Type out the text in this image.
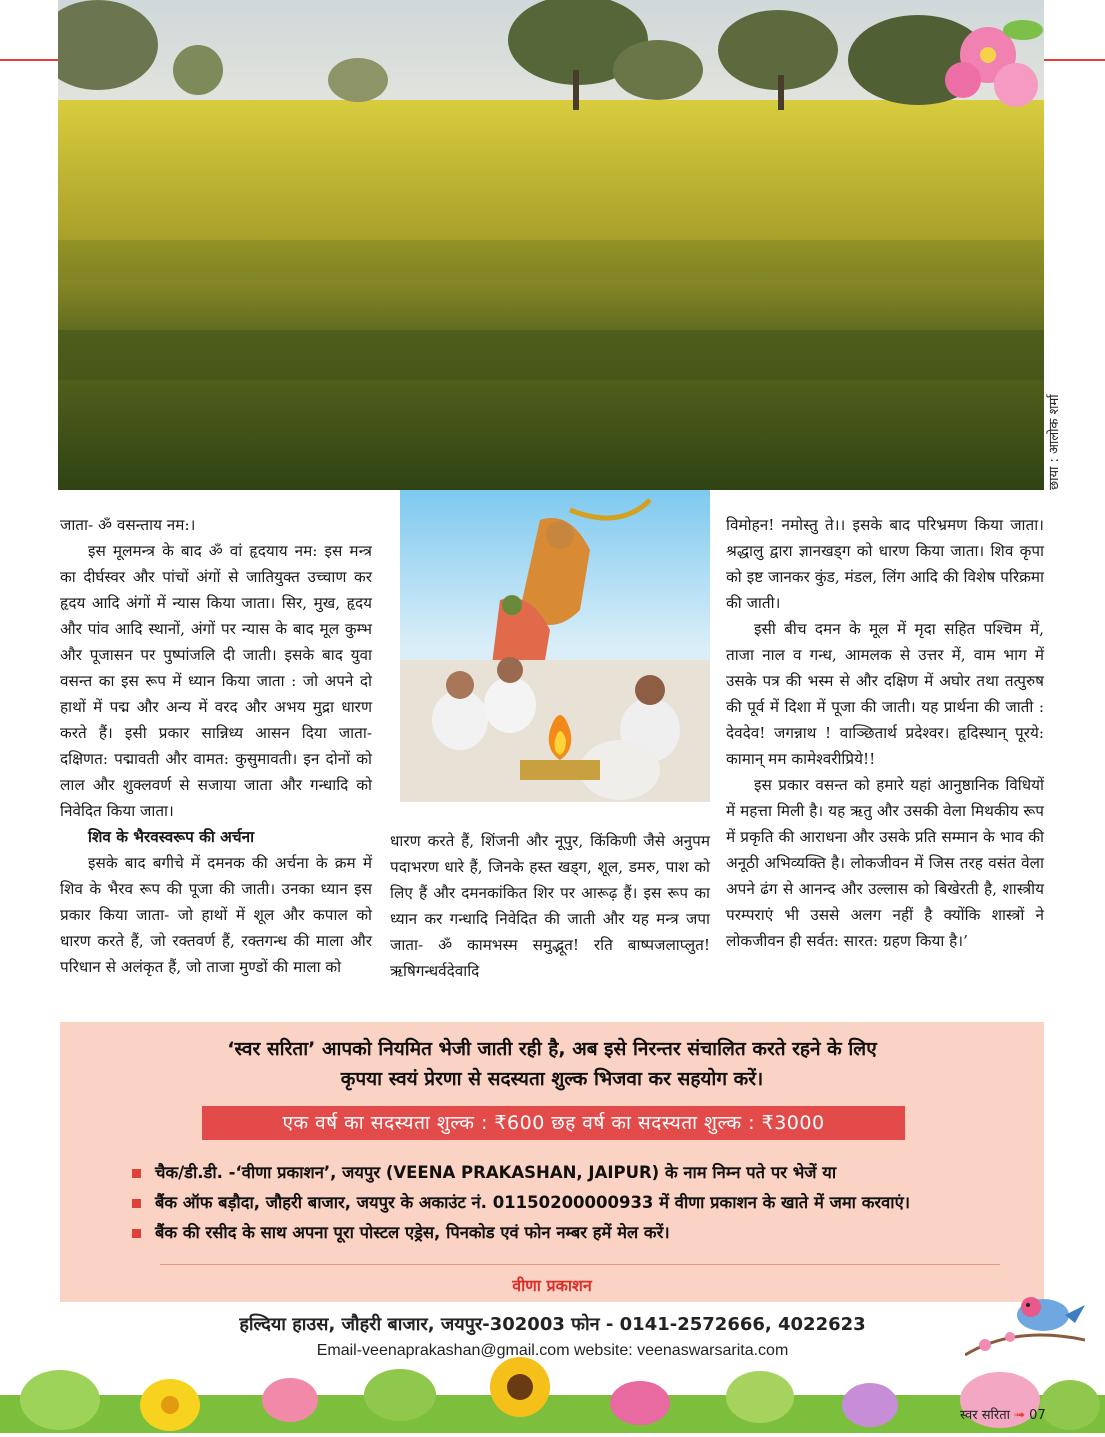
छाया : आलोक शर्मा

जाता- ॐ वसन्ताय नम:।

इस मूलमन्त्र के बाद ॐ वां हृदयाय नम: इस मन्त्र का दीर्घस्वर और पांचों अंगों से जातियुक्त उच्चाण कर हृदय आदि अंगों में न्यास किया जाता। सिर, मुख, हृदय और पांव आदि स्थानों, अंगों पर न्यास के बाद मूल कुम्भ और पूजासन पर पुष्पांजलि दी जाती। इसके बाद युवा वसन्त का इस रूप में ध्यान किया जाता : जो अपने दो हाथों में पद्म और अन्य में वरद और अभय मुद्रा धारण करते हैं। इसी प्रकार सान्निध्य आसन दिया जाता- दक्षिणत: पद्मावती और वामत: कुसुमावती। इन दोनों को लाल और शुक्लवर्ण से सजाया जाता और गन्धादि को निवेदित किया जाता।

शिव के भैरवस्वरूप की अर्चना

इसके बाद बगीचे में दमनक की अर्चना के क्रम में शिव के भैरव रूप की पूजा की जाती। उनका ध्यान इस प्रकार किया जाता- जो हाथों में शूल और कपाल को धारण करते हैं, जो रक्तवर्ण हैं, रक्तगन्ध की माला और परिधान से अलंकृत हैं, जो ताजा मुण्डों की माला को

धारण करते हैं, शिंजनी और नूपुर, किंकिणी जैसे अनुपम पदाभरण धारे हैं, जिनके हस्त खड्ग, शूल, डमरु, पाश को लिए हैं और दमनकांकित शिर पर आरूढ़ हैं। इस रूप का ध्यान कर गन्धादि निवेदित की जाती और यह मन्त्र जपा जाता- ॐ कामभस्म समुद्भूत! रति बाष्पजलाप्लुत! ऋषिगन्धर्वदेवादि

विमोहन! नमोस्तु ते।। इसके बाद परिभ्रमण किया जाता। श्रद्धालु द्वारा ज्ञानखड्ग को धारण किया जाता। शिव कृपा को इष्ट जानकर कुंड, मंडल, लिंग आदि की विशेष परिक्रमा की जाती।

इसी बीच दमन के मूल में मृदा सहित पश्चिम में, ताजा नाल व गन्ध, आमलक से उत्तर में, वाम भाग में उसके पत्र की भस्म से और दक्षिण में अघोर तथा तत्पुरुष की पूर्व में दिशा में पूजा की जाती। यह प्रार्थना की जाती : देवदेव! जगन्नाथ ! वाञ्छितार्थ प्रदेश्वर। हृदिस्थान् पूरये: कामान् मम कामेश्वरीप्रिये!!

इस प्रकार वसन्त को हमारे यहां आनुष्ठानिक विधियों में महत्ता मिली है। यह ऋतु और उसकी वेला मिथकीय रूप में प्रकृति की आराधना और उसके प्रति सम्मान के भाव की अनूठी अभिव्यक्ति है। लोकजीवन में जिस तरह वसंत वेला अपने ढंग से आनन्द और उल्लास को बिखेरती है, शास्त्रीय परम्पराएं भी उससे अलग नहीं है क्योंकि शास्त्रों ने लोकजीवन ही सर्वत: सारत: ग्रहण किया है।’

‘स्वर सरिता’ आपको नियमित भेजी जाती रही है, अब इसे निरन्तर संचालित करते रहने के लिए
कृपया स्वयं प्रेरणा से सदस्यता शुल्क भिजवा कर सहयोग करें।
एक वर्ष का सदस्यता शुल्क : ₹600 छह वर्ष का सदस्यता शुल्क : ₹3000
चैक/डी.डी. -‘वीणा प्रकाशन’, जयपुर (VEENA PRAKASHAN, JAIPUR) के नाम निम्न पते पर भेजें या
बैंक ऑफ बड़ौदा, जौहरी बाजार, जयपुर के अकाउंट नं. 01150200000933 में वीणा प्रकाशन के खाते में जमा करवाएं।
बैंक की रसीद के साथ अपना पूरा पोस्टल एड्रेस, पिनकोड एवं फोन नम्बर हमें मेल करें।
वीणा प्रकाशन
हल्दिया हाउस, जौहरी बाजार, जयपुर-302003 फोन - 0141-2572666, 4022623
Email-veenaprakashan@gmail.com website: veenaswarsarita.com
स्वर सरिता ➟ 07
